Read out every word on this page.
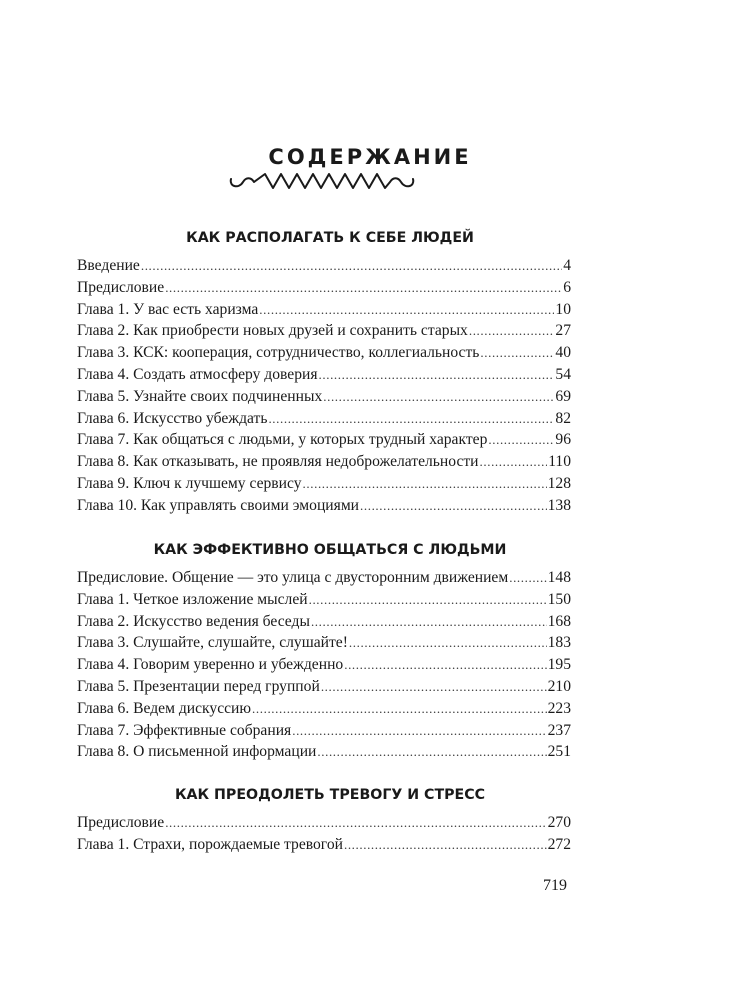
СОДЕРЖАНИЕ
КАК РАСПОЛАГАТЬ К СЕБЕ ЛЮДЕЙ
Введение .....	4
Предисловие .....	6
Глава 1. У вас есть харизма .....	10
Глава 2. Как приобрести новых друзей и сохранить старых .....	27
Глава 3. КСК: кооперация, сотрудничество, коллегиальность .....	40
Глава 4. Создать атмосферу доверия .....	54
Глава 5. Узнайте своих подчиненных .....	69
Глава 6. Искусство убеждать .....	82
Глава 7. Как общаться с людьми, у которых трудный характер .....	96
Глава 8. Как отказывать, не проявляя недоброжелательности .....	110
Глава 9. Ключ к лучшему сервису .....	128
Глава 10. Как управлять своими эмоциями .....	138
КАК ЭФФЕКТИВНО ОБЩАТЬСЯ С ЛЮДЬМИ
Предисловие. Общение — это улица с двусторонним движением .....	148
Глава 1. Четкое изложение мыслей .....	150
Глава 2. Искусство ведения беседы .....	168
Глава 3. Слушайте, слушайте, слушайте! .....	183
Глава 4. Говорим уверенно и убежденно .....	195
Глава 5. Презентации перед группой .....	210
Глава 6. Ведем дискуссию .....	223
Глава 7. Эффективные собрания .....	237
Глава 8. О письменной информации .....	251
КАК ПРЕОДОЛЕТЬ ТРЕВОГУ И СТРЕСС
Предисловие .....	270
Глава 1. Страхи, порождаемые тревогой .....	272
719
